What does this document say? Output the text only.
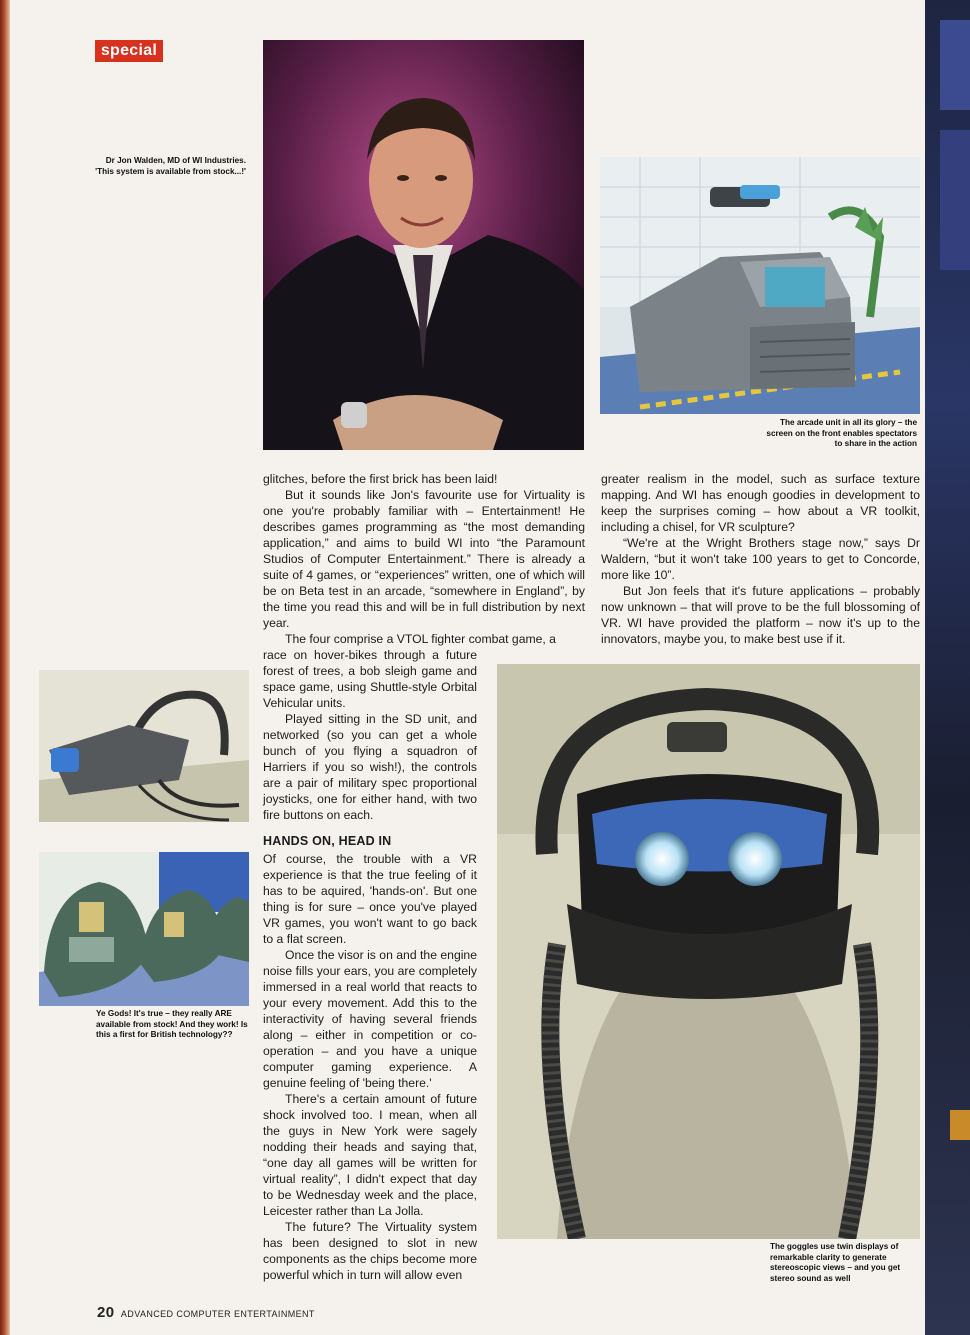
special
Dr Jon Walden, MD of WI Industries. 'This system is available from stock...!'
The arcade unit in all its glory – the screen on the front enables spectators to share in the action

glitches, before the first brick has been laid!

But it sounds like Jon's favourite use for Virtuality is one you're probably familiar with – Entertainment! He describes games programming as “the most demanding application,” and aims to build WI into “the Paramount Studios of Computer Entertainment.” There is already a suite of 4 games, or “experiences” written, one of which will be on Beta test in an arcade, “somewhere in England”, by the time you read this and will be in full distribution by next year.

The four comprise a VTOL fighter combat game, a

greater realism in the model, such as surface texture mapping. And WI has enough goodies in development to keep the surprises coming – how about a VR toolkit, including a chisel, for VR sculpture?

“We're at the Wright Brothers stage now,” says Dr Waldern, “but it won't take 100 years to get to Concorde, more like 10”.

But Jon feels that it's future applications – probably now unknown – that will prove to be the full blossoming of VR. WI have provided the platform – now it's up to the innovators, maybe you, to make best use if it.

race on hover-bikes through a future forest of trees, a bob sleigh game and space game, using Shuttle-style Orbital Vehicular units.

Played sitting in the SD unit, and networked (so you can get a whole bunch of you flying a squadron of Harriers if you so wish!), the controls are a pair of military spec proportional joysticks, one for either hand, with two fire buttons on each.

HANDS ON, HEAD IN

Of course, the trouble with a VR experience is that the true feeling of it has to be aquired, 'hands-on'. But one thing is for sure – once you've played VR games, you won't want to go back to a flat screen.

Once the visor is on and the engine noise fills your ears, you are completely immersed in a real world that reacts to your every movement. Add this to the interactivity of having several friends along – either in competition or co-operation – and you have a unique computer gaming experience. A genuine feeling of 'being there.'

There's a certain amount of future shock involved too. I mean, when all the guys in New York were sagely nodding their heads and saying that, “one day all games will be written for virtual reality”, I didn't expect that day to be Wednesday week and the place, Leicester rather than La Jolla.

The future? The Virtuality system has been designed to slot in new components as the chips become more powerful which in turn will allow even

Ye Gods! It's true – they really ARE available from stock! And they work! Is this a first for British technology??
The goggles use twin displays of remarkable clarity to generate stereoscopic views – and you get stereo sound as well
20 ADVANCED COMPUTER ENTERTAINMENT
